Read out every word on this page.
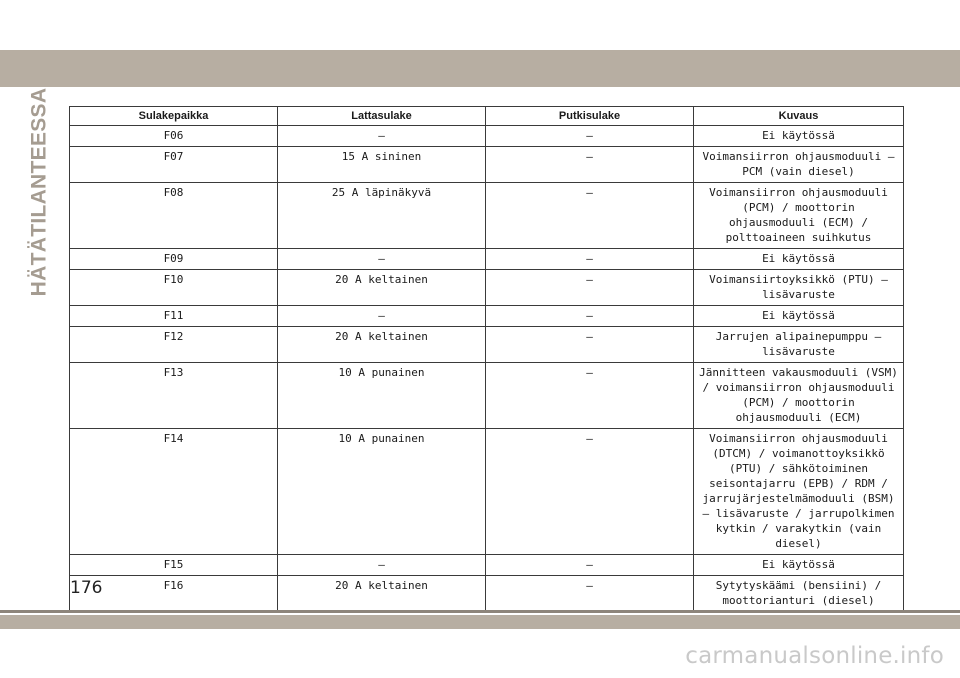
HÄTÄTILANTEESSA	Sulakepaikka	Lattasulake	Putkisulake	Kuvaus
F06	–	–	Ei käytössä
F07	15 A sininen	–	Voimansiirron ohjausmoduuli – PCM (vain diesel)
F08	25 A läpinäkyvä	–	Voimansiirron ohjausmoduuli (PCM) / moottorin ohjausmoduuli (ECM) / polttoaineen suihkutus
F09	–	–	Ei käytössä
F10	20 A keltainen	–	Voimansiirtoyksikkö (PTU) – lisävaruste
F11	–	–	Ei käytössä
F12	20 A keltainen	–	Jarrujen alipainepumppu – lisävaruste
F13	10 A punainen	–	Jännitteen vakausmoduuli (VSM) / voimansiirron ohjausmoduuli (PCM) / moottorin ohjausmoduuli (ECM)
F14	10 A punainen	–	Voimansiirron ohjausmoduuli (DTCM) / voimanottoyksikkö (PTU) / sähkötoiminen seisontajarru (EPB) / RDM / jarrujärjestelmämoduuli (BSM) – lisävaruste / jarrupolkimen kytkin / varakytkin (vain diesel)
F15	–	–	Ei käytössä
F16	20 A keltainen	–	Sytytyskäämi (bensiini) / moottorianturi (diesel)
176
carmanualsonline.info
